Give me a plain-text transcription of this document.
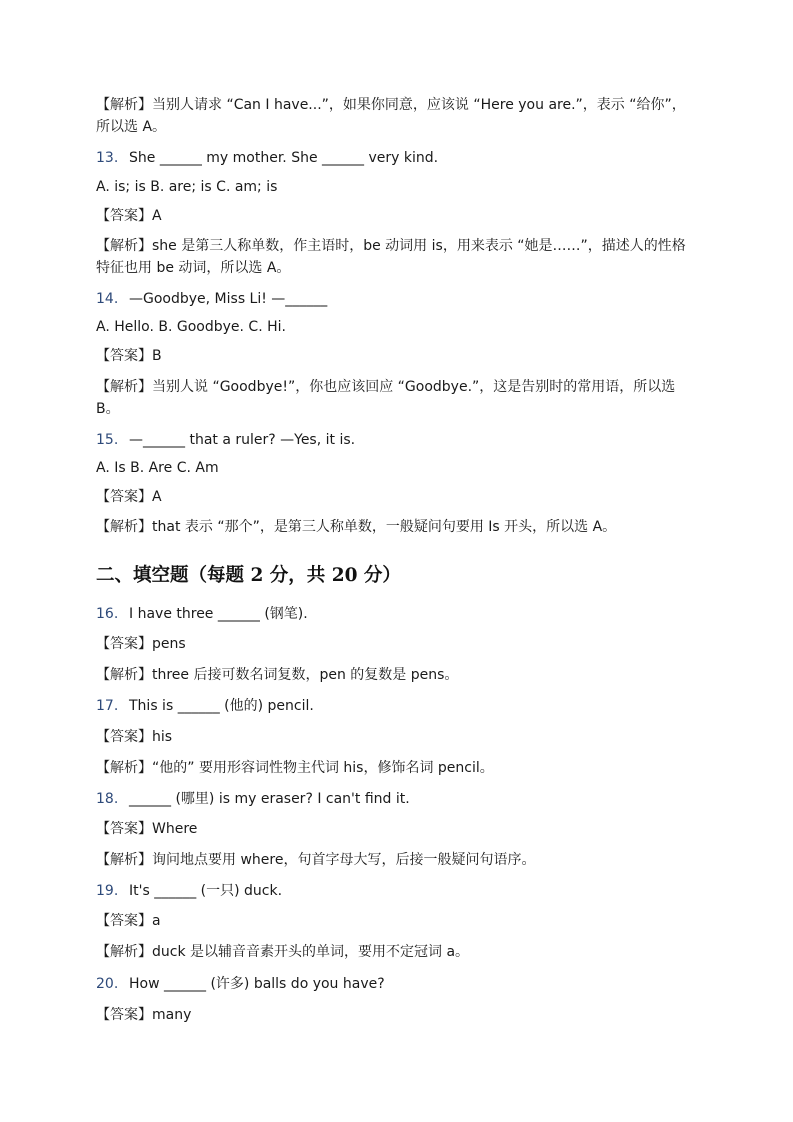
【解析】当别人请求 “Can I have...”，如果你同意，应该说 “Here you are.”，表示 “给你”，所以选 A。
13. She ______ my mother. She ______ very kind.
A. is; is B. are; is C. am; is
【答案】A
【解析】she 是第三人称单数，作主语时，be 动词用 is，用来表示 “她是……”，描述人的性格特征也用 be 动词，所以选 A。
14. —Goodbye, Miss Li! —______
A. Hello. B. Goodbye. C. Hi.
【答案】B
【解析】当别人说 “Goodbye!”，你也应该回应 “Goodbye.”，这是告别时的常用语，所以选 B。
15. —______ that a ruler? —Yes, it is.
A. Is B. Are C. Am
【答案】A
【解析】that 表示 “那个”，是第三人称单数，一般疑问句要用 Is 开头，所以选 A。
二、填空题（每题 2 分，共 20 分）
16. I have three ______ (钢笔).
【答案】pens
【解析】three 后接可数名词复数，pen 的复数是 pens。
17. This is ______ (他的) pencil.
【答案】his
【解析】“他的” 要用形容词性物主代词 his，修饰名词 pencil。
18. ______ (哪里) is my eraser? I can't find it.
【答案】Where
【解析】询问地点要用 where，句首字母大写，后接一般疑问句语序。
19. It's ______ (一只) duck.
【答案】a
【解析】duck 是以辅音音素开头的单词，要用不定冠词 a。
20. How ______ (许多) balls do you have?
【答案】many
